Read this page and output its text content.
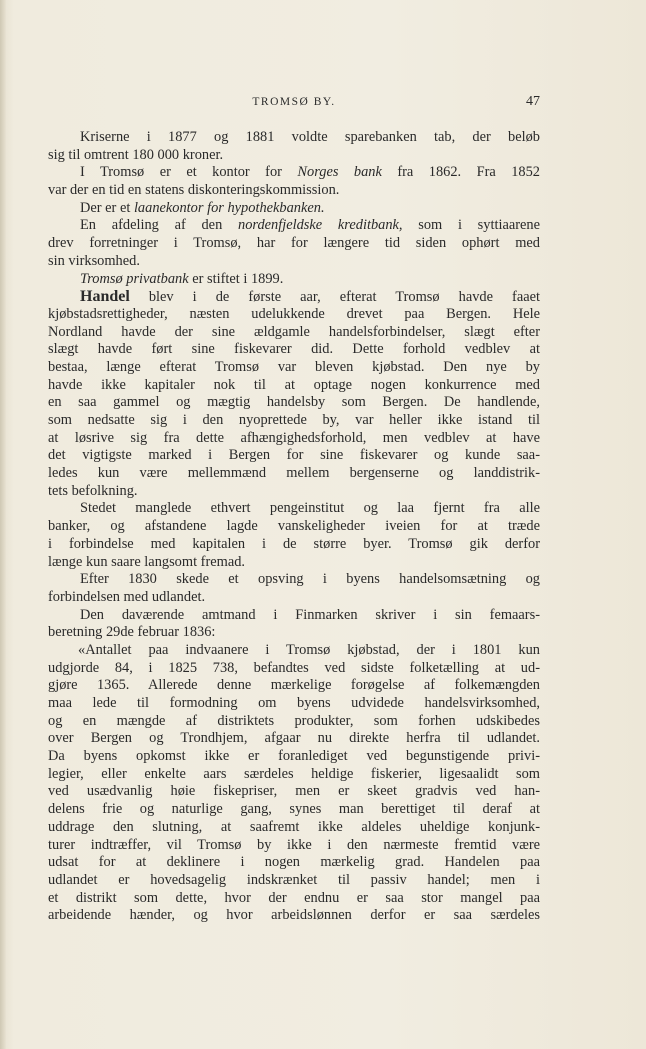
TROMSØ BY.	47
Kriserne i 1877 og 1881 voldte sparebanken tab, der beløb
sig til omtrent 180 000 kroner.
I Tromsø er et kontor for Norges bank fra 1862. Fra 1852
var der en tid en statens diskonteringskommission.
Der er et laanekontor for hypothekbanken.
En afdeling af den nordenfjeldske kreditbank, som i syttiaarene
drev forretninger i Tromsø, har for længere tid siden ophørt med
sin virksomhed.
Tromsø privatbank er stiftet i 1899.
Handel blev i de første aar, efterat Tromsø havde faaet
kjøbstadsrettigheder, næsten udelukkende drevet paa Bergen. Hele
Nordland havde der sine ældgamle handelsforbindelser, slægt efter
slægt havde ført sine fiskevarer did. Dette forhold vedblev at
bestaa, længe efterat Tromsø var bleven kjøbstad. Den nye by
havde ikke kapitaler nok til at optage nogen konkurrence med
en saa gammel og mægtig handelsby som Bergen. De handlende,
som nedsatte sig i den nyoprettede by, var heller ikke istand til
at løsrive sig fra dette afhængighedsforhold, men vedblev at have
det vigtigste marked i Bergen for sine fiskevarer og kunde saa-
ledes kun være mellemmænd mellem bergenserne og landdistrik-
tets befolkning.
Stedet manglede ethvert pengeinstitut og laa fjernt fra alle
banker, og afstandene lagde vanskeligheder iveien for at træde
i forbindelse med kapitalen i de større byer. Tromsø gik derfor
længe kun saare langsomt fremad.
Efter 1830 skede et opsving i byens handelsomsætning og
forbindelsen med udlandet.
Den daværende amtmand i Finmarken skriver i sin femaars-
beretning 29de februar 1836:
«Antallet paa indvaanere i Tromsø kjøbstad, der i 1801 kun
udgjorde 84, i 1825 738, befandtes ved sidste folketælling at ud-
gjøre 1365. Allerede denne mærkelige forøgelse af folkemængden
maa lede til formodning om byens udvidede handelsvirksomhed,
og en mængde af distriktets produkter, som forhen udskibedes
over Bergen og Trondhjem, afgaar nu direkte herfra til udlandet.
Da byens opkomst ikke er foranlediget ved begunstigende privi-
legier, eller enkelte aars særdeles heldige fiskerier, ligesaalidt som
ved usædvanlig høie fiskepriser, men er skeet gradvis ved han-
delens frie og naturlige gang, synes man berettiget til deraf at
uddrage den slutning, at saafremt ikke aldeles uheldige konjunk-
turer indtræffer, vil Tromsø by ikke i den nærmeste fremtid være
udsat for at deklinere i nogen mærkelig grad. Handelen paa
udlandet er hovedsagelig indskrænket til passiv handel; men i
et distrikt som dette, hvor der endnu er saa stor mangel paa
arbeidende hænder, og hvor arbeidslønnen derfor er saa særdeles
